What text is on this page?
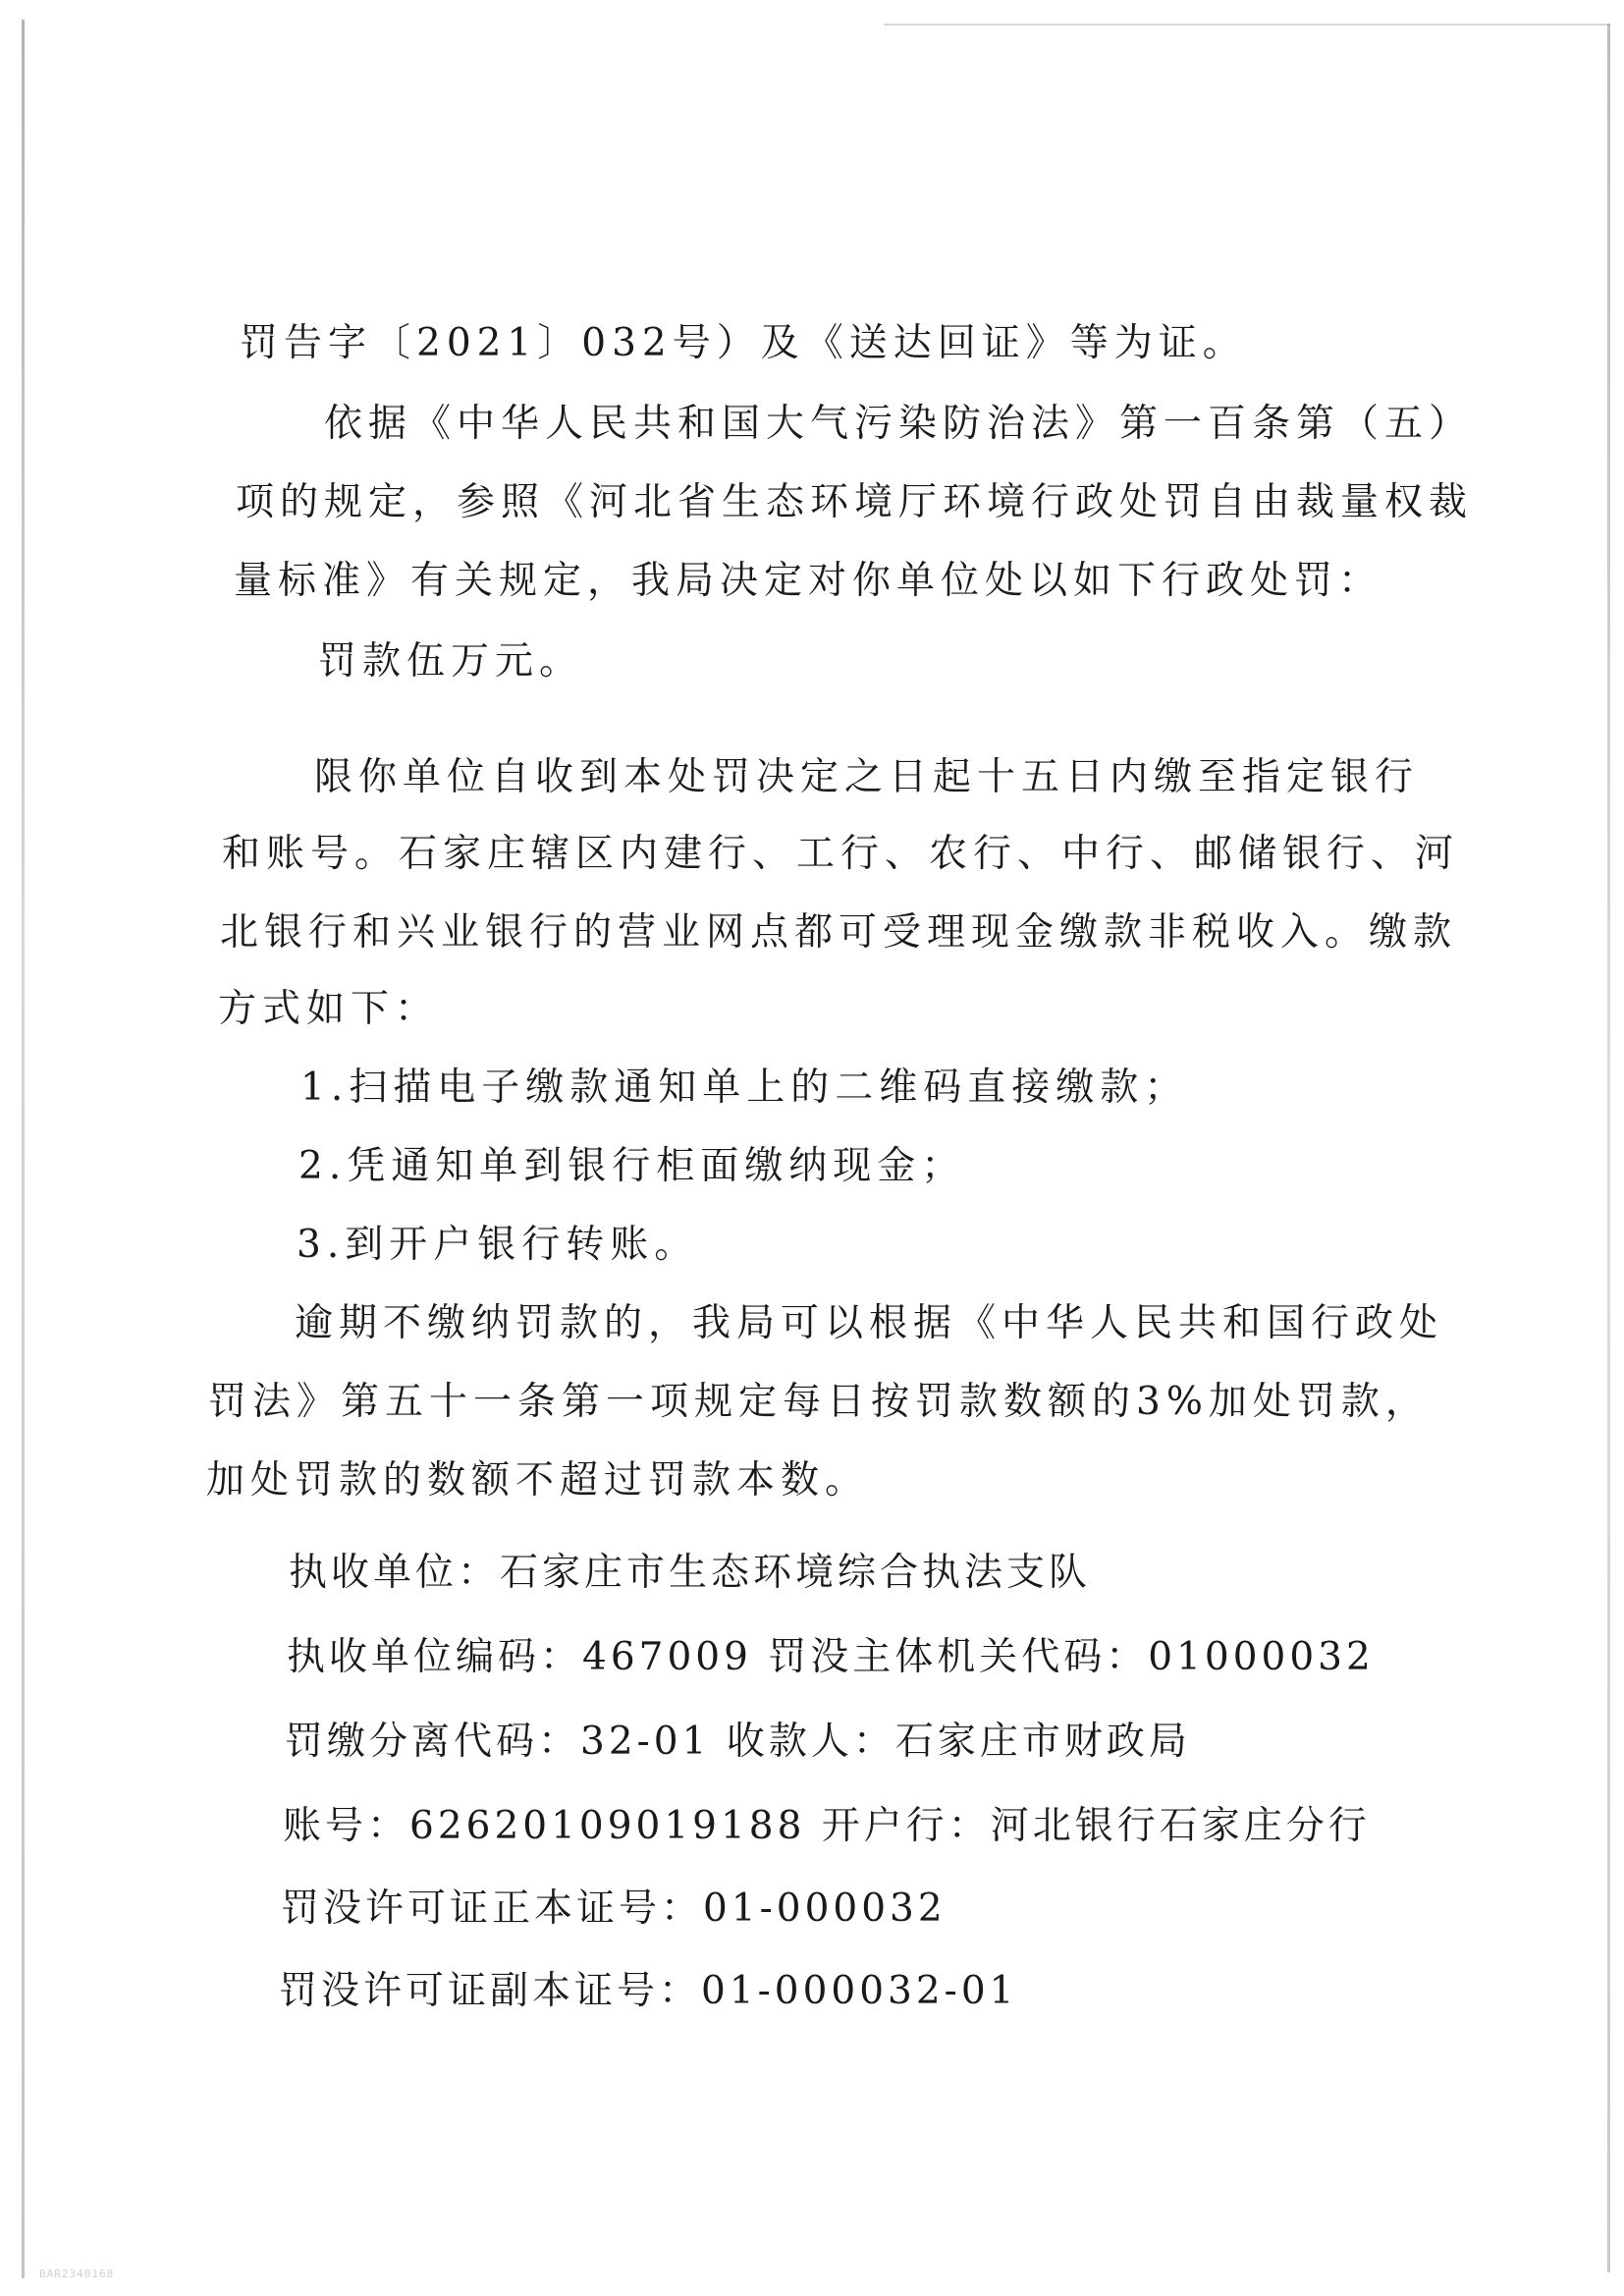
罚告字〔2021〕032号）及《送达回证》等为证。
依据《中华人民共和国大气污染防治法》第一百条第（五）
项的规定，参照《河北省生态环境厅环境行政处罚自由裁量权裁
量标准》有关规定，我局决定对你单位处以如下行政处罚：
罚款伍万元。
限你单位自收到本处罚决定之日起十五日内缴至指定银行
和账号。石家庄辖区内建行、工行、农行、中行、邮储银行、河
北银行和兴业银行的营业网点都可受理现金缴款非税收入。缴款
方式如下：
1.扫描电子缴款通知单上的二维码直接缴款；
2.凭通知单到银行柜面缴纳现金；
3.到开户银行转账。
逾期不缴纳罚款的，我局可以根据《中华人民共和国行政处
罚法》第五十一条第一项规定每日按罚款数额的3%加处罚款，
加处罚款的数额不超过罚款本数。
执收单位：石家庄市生态环境综合执法支队
执收单位编码：467009 罚没主体机关代码：01000032
罚缴分离代码：32-01 收款人：石家庄市财政局
账号：62620109019188 开户行：河北银行石家庄分行
罚没许可证正本证号：01-000032
罚没许可证副本证号：01-000032-01
BAR2340168
